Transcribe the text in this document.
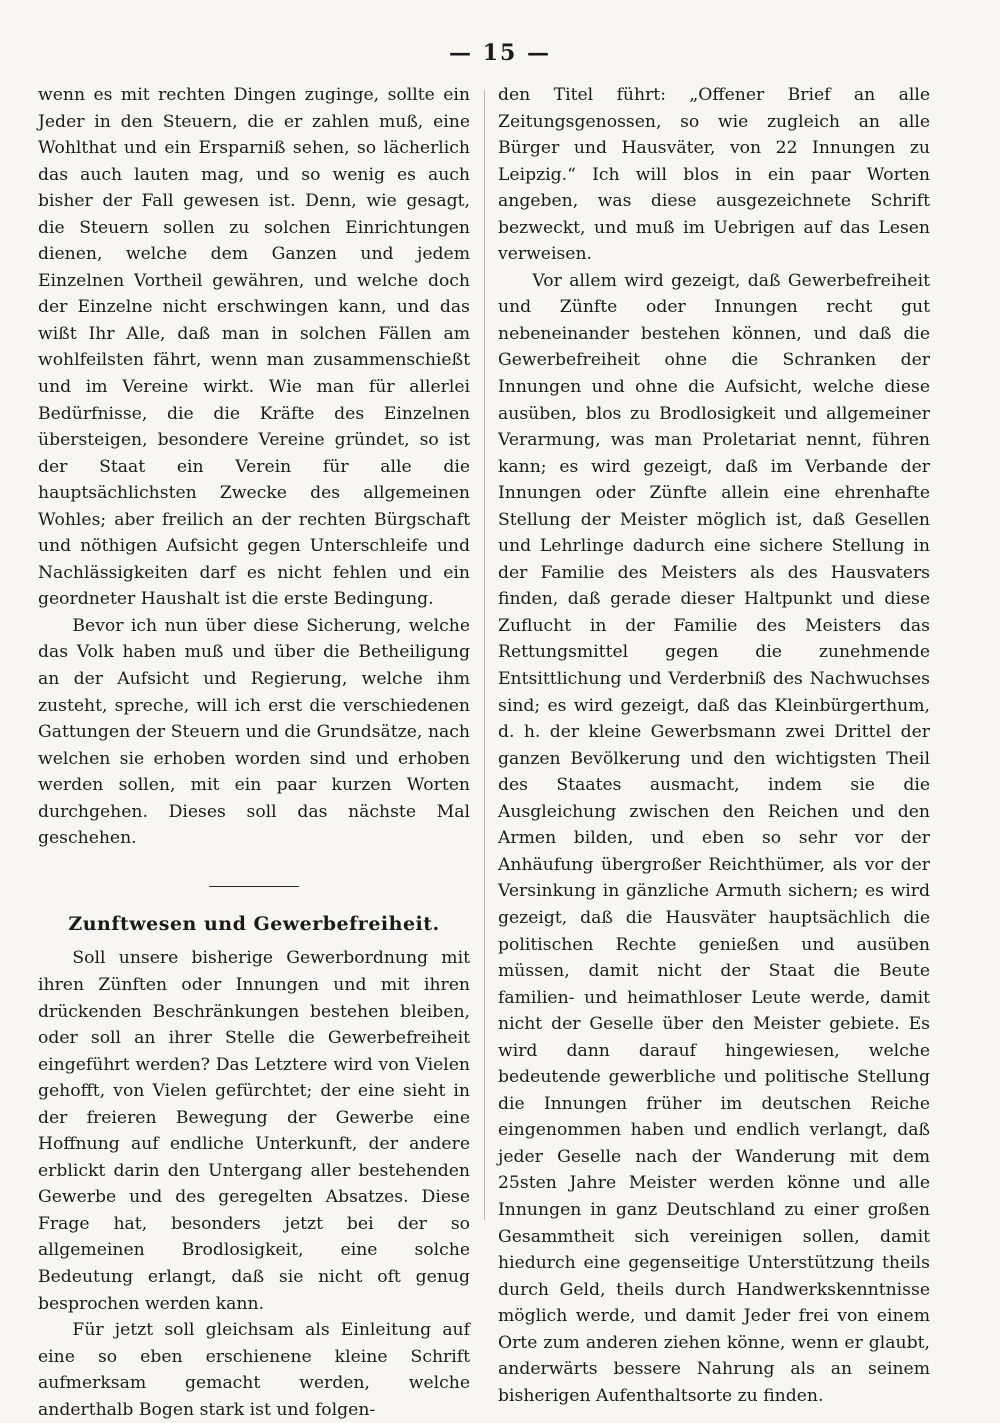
— 15 —

wenn es mit rechten Dingen zuginge, sollte ein Jeder in den Steuern, die er zahlen muß, eine Wohlthat und ein Ersparniß sehen, so lächerlich das auch lauten mag, und so wenig es auch bisher der Fall gewesen ist. Denn, wie gesagt, die Steuern sollen zu solchen Einrichtungen dienen, welche dem Ganzen und jedem Einzelnen Vortheil gewähren, und welche doch der Einzelne nicht erschwingen kann, und das wißt Ihr Alle, daß man in solchen Fällen am wohlfeilsten fährt, wenn man zusammenschießt und im Vereine wirkt. Wie man für allerlei Bedürfnisse, die die Kräfte des Einzelnen übersteigen, besondere Vereine gründet, so ist der Staat ein Verein für alle die hauptsächlichsten Zwecke des allgemeinen Wohles; aber freilich an der rechten Bürgschaft und nöthigen Aufsicht gegen Unterschleife und Nachlässigkeiten darf es nicht fehlen und ein geordneter Haushalt ist die erste Bedingung.

Bevor ich nun über diese Sicherung, welche das Volk haben muß und über die Betheiligung an der Aufsicht und Regierung, welche ihm zusteht, spreche, will ich erst die verschiedenen Gattungen der Steuern und die Grundsätze, nach welchen sie erhoben worden sind und erhoben werden sollen, mit ein paar kurzen Worten durchgehen. Dieses soll das nächste Mal geschehen.

Zunftwesen und Gewerbefreiheit.

Soll unsere bisherige Gewerbordnung mit ihren Zünften oder Innungen und mit ihren drückenden Beschränkungen bestehen bleiben, oder soll an ihrer Stelle die Gewerbefreiheit eingeführt werden? Das Letztere wird von Vielen gehofft, von Vielen gefürchtet; der eine sieht in der freieren Bewegung der Gewerbe eine Hoffnung auf endliche Unterkunft, der andere erblickt darin den Untergang aller bestehenden Gewerbe und des geregelten Absatzes. Diese Frage hat, besonders jetzt bei der so allgemeinen Brodlosigkeit, eine solche Bedeutung erlangt, daß sie nicht oft genug besprochen werden kann.

Für jetzt soll gleichsam als Einleitung auf eine so eben erschienene kleine Schrift aufmerksam gemacht werden, welche anderthalb Bogen stark ist und folgen-

den Titel führt: „Offener Brief an alle Zeitungsgenossen, so wie zugleich an alle Bürger und Hausväter, von 22 Innungen zu Leipzig.“ Ich will blos in ein paar Worten angeben, was diese ausgezeichnete Schrift bezweckt, und muß im Uebrigen auf das Lesen verweisen.

Vor allem wird gezeigt, daß Gewerbefreiheit und Zünfte oder Innungen recht gut nebeneinander bestehen können, und daß die Gewerbefreiheit ohne die Schranken der Innungen und ohne die Aufsicht, welche diese ausüben, blos zu Brodlosigkeit und allgemeiner Verarmung, was man Proletariat nennt, führen kann; es wird gezeigt, daß im Verbande der Innungen oder Zünfte allein eine ehrenhafte Stellung der Meister möglich ist, daß Gesellen und Lehrlinge dadurch eine sichere Stellung in der Familie des Meisters als des Hausvaters finden, daß gerade dieser Haltpunkt und diese Zuflucht in der Familie des Meisters das Rettungsmittel gegen die zunehmende Entsittlichung und Verderbniß des Nachwuchses sind; es wird gezeigt, daß das Kleinbürgerthum, d. h. der kleine Gewerbsmann zwei Drittel der ganzen Bevölkerung und den wichtigsten Theil des Staates ausmacht, indem sie die Ausgleichung zwischen den Reichen und den Armen bilden, und eben so sehr vor der Anhäufung übergroßer Reichthümer, als vor der Versinkung in gänzliche Armuth sichern; es wird gezeigt, daß die Hausväter hauptsächlich die politischen Rechte genießen und ausüben müssen, damit nicht der Staat die Beute familien- und heimathloser Leute werde, damit nicht der Geselle über den Meister gebiete. Es wird dann darauf hingewiesen, welche bedeutende gewerbliche und politische Stellung die Innungen früher im deutschen Reiche eingenommen haben und endlich verlangt, daß jeder Geselle nach der Wanderung mit dem 25sten Jahre Meister werden könne und alle Innungen in ganz Deutschland zu einer großen Gesammtheit sich vereinigen sollen, damit hiedurch eine gegenseitige Unterstützung theils durch Geld, theils durch Handwerkskenntnisse möglich werde, und damit Jeder frei von einem Orte zum anderen ziehen könne, wenn er glaubt, anderwärts bessere Nahrung als an seinem bisherigen Aufenthaltsorte zu finden.
